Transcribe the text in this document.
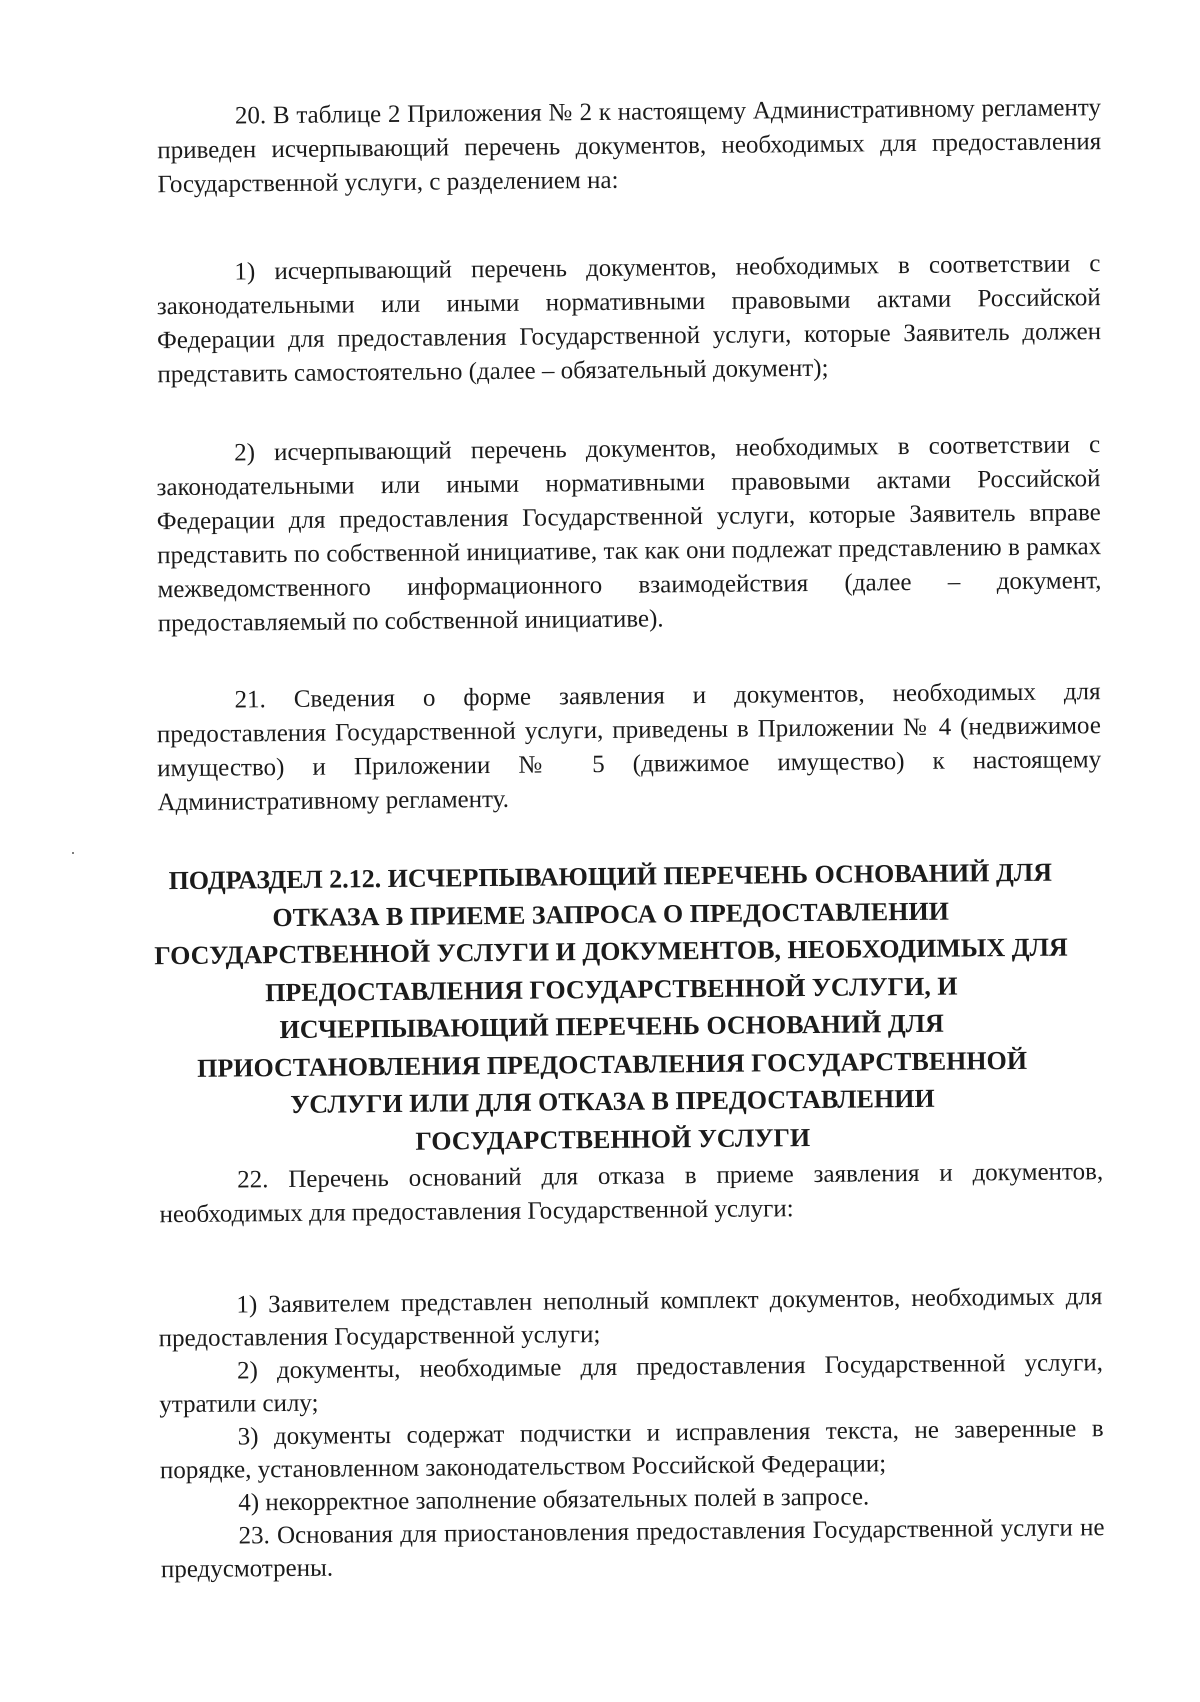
20. В таблице 2 Приложения № 2 к настоящему Административному регламенту приведен исчерпывающий перечень документов, необходимых для предоставления Государственной услуги, с разделением на:

1) исчерпывающий перечень документов, необходимых в соответствии с законодательными или иными нормативными правовыми актами Российской Федерации для предоставления Государственной услуги, которые Заявитель должен представить самостоятельно (далее – обязательный документ);

2) исчерпывающий перечень документов, необходимых в соответствии с законодательными или иными нормативными правовыми актами Российской Федерации для предоставления Государственной услуги, которые Заявитель вправе представить по собственной инициативе, так как они подлежат представлению в рамках межведомственного информационного взаимодействия (далее – документ, предоставляемый по собственной инициативе).

21. Сведения о форме заявления и документов, необходимых для предоставления Государственной услуги, приведены в Приложении № 4 (недвижимое имущество) и Приложении № 5 (движимое имущество) к настоящему Административному регламенту.

ПОДРАЗДЕЛ 2.12. ИСЧЕРПЫВАЮЩИЙ ПЕРЕЧЕНЬ ОСНОВАНИЙ ДЛЯ ОТКАЗА В ПРИЕМЕ ЗАПРОСА О ПРЕДОСТАВЛЕНИИ ГОСУДАРСТВЕННОЙ УСЛУГИ И ДОКУМЕНТОВ, НЕОБХОДИМЫХ ДЛЯ ПРЕДОСТАВЛЕНИЯ ГОСУДАРСТВЕННОЙ УСЛУГИ, И ИСЧЕРПЫВАЮЩИЙ ПЕРЕЧЕНЬ ОСНОВАНИЙ ДЛЯ ПРИОСТАНОВЛЕНИЯ ПРЕДОСТАВЛЕНИЯ ГОСУДАРСТВЕННОЙ УСЛУГИ ИЛИ ДЛЯ ОТКАЗА В ПРЕДОСТАВЛЕНИИ ГОСУДАРСТВЕННОЙ УСЛУГИ

22. Перечень оснований для отказа в приеме заявления и документов, необходимых для предоставления Государственной услуги:

1) Заявителем представлен неполный комплект документов, необходимых для предоставления Государственной услуги;

2) документы, необходимые для предоставления Государственной услуги, утратили силу;

3) документы содержат подчистки и исправления текста, не заверенные в порядке, установленном законодательством Российской Федерации;

4) некорректное заполнение обязательных полей в запросе.

23. Основания для приостановления предоставления Государственной услуги не предусмотрены.
